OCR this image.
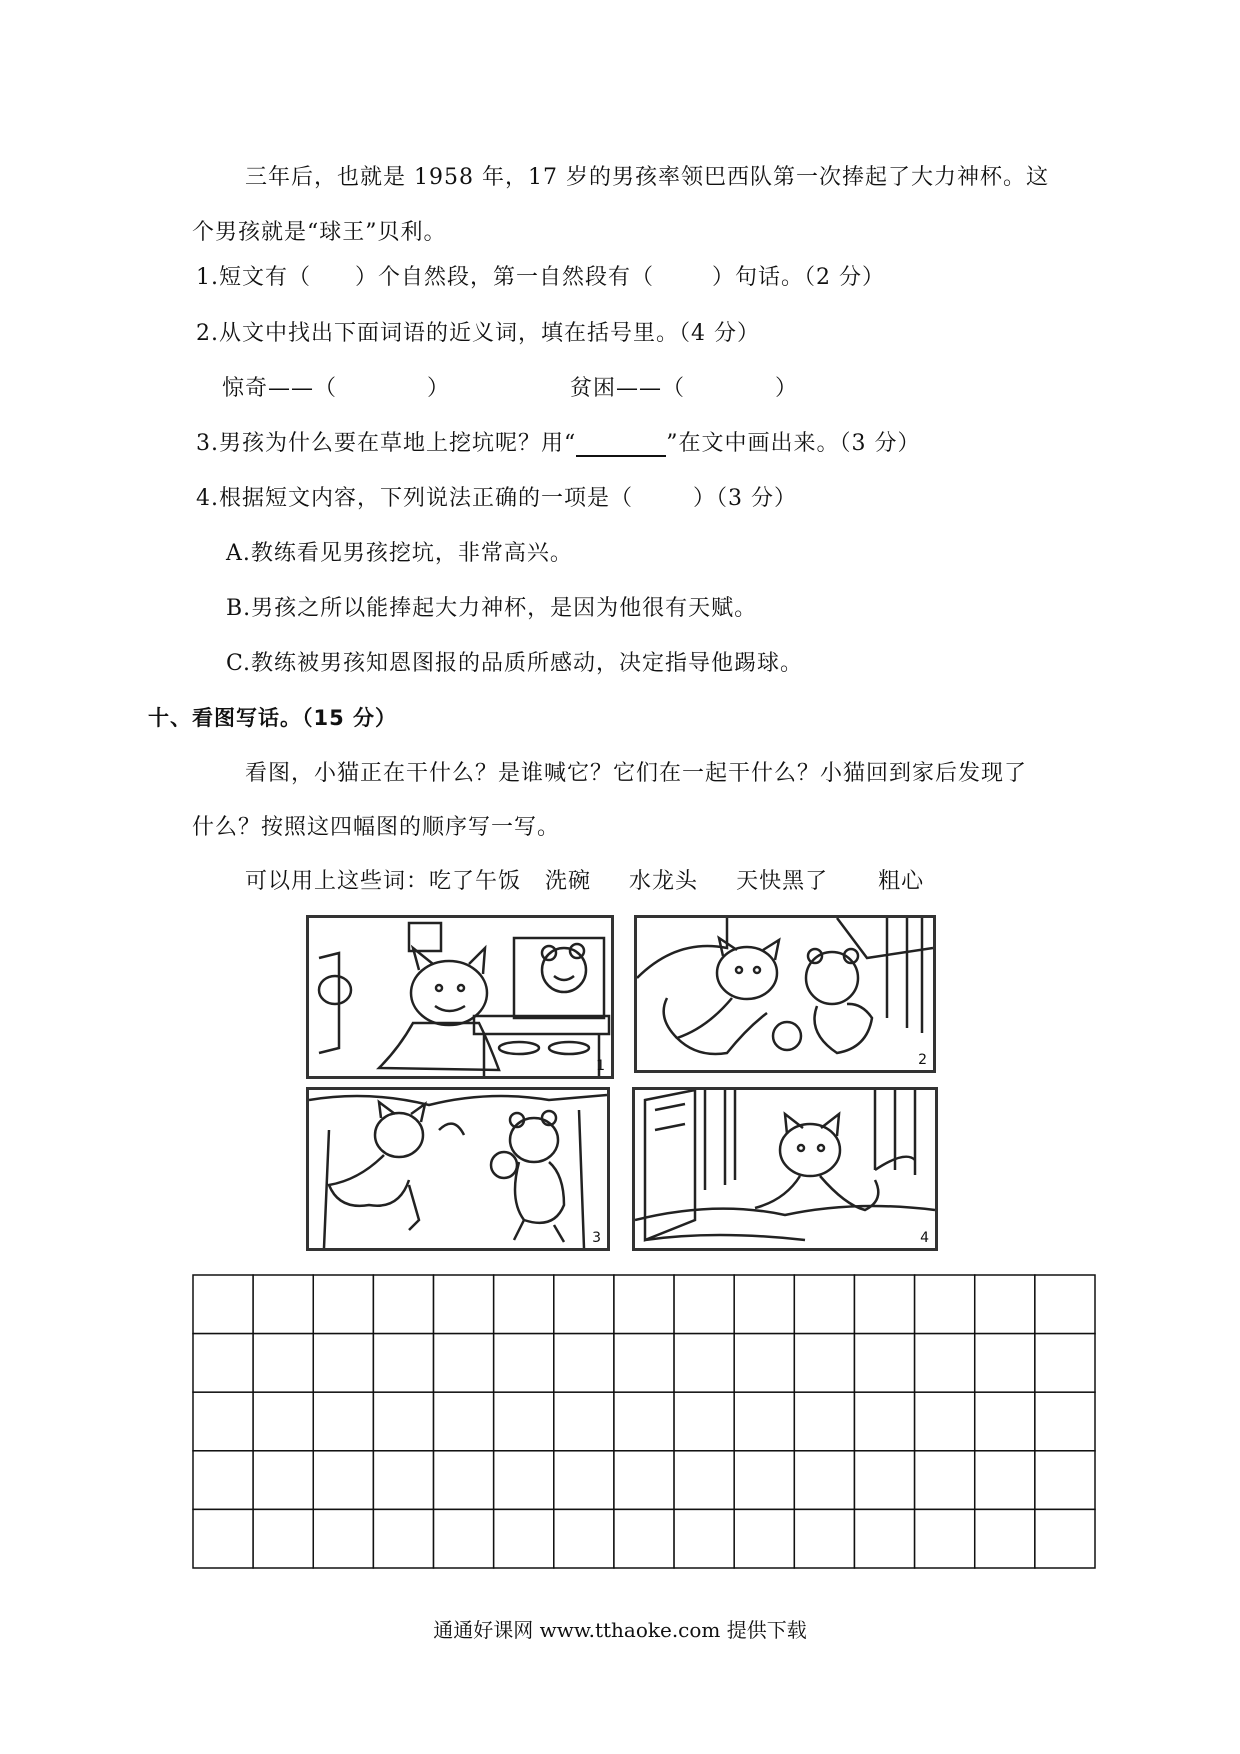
三年后，也就是 1958 年，17 岁的男孩率领巴西队第一次捧起了大力神杯。这
个男孩就是“球王”贝利。
1.短文有（ ）个自然段，第一自然段有（	）句话。（2 分）
2.从文中找出下面词语的近义词，填在括号里。（4 分）
惊奇——（	）	贫困——（	）
3.男孩为什么要在草地上挖坑呢？用“	”在文中画出来。（3 分）
4.根据短文内容，下列说法正确的一项是（	）（3 分）
A.教练看见男孩挖坑，非常高兴。
B.男孩之所以能捧起大力神杯，是因为他很有天赋。
C.教练被男孩知恩图报的品质所感动，决定指导他踢球。
十、看图写话。（15 分）
看图，小猫正在干什么？是谁喊它？它们在一起干什么？小猫回到家后发现了
什么？按照这四幅图的顺序写一写。
可以用上这些词：吃了午饭 洗碗 水龙头 天快黑了 粗心
1	2
3	4
通通好课网 www.tthaoke.com 提供下载
